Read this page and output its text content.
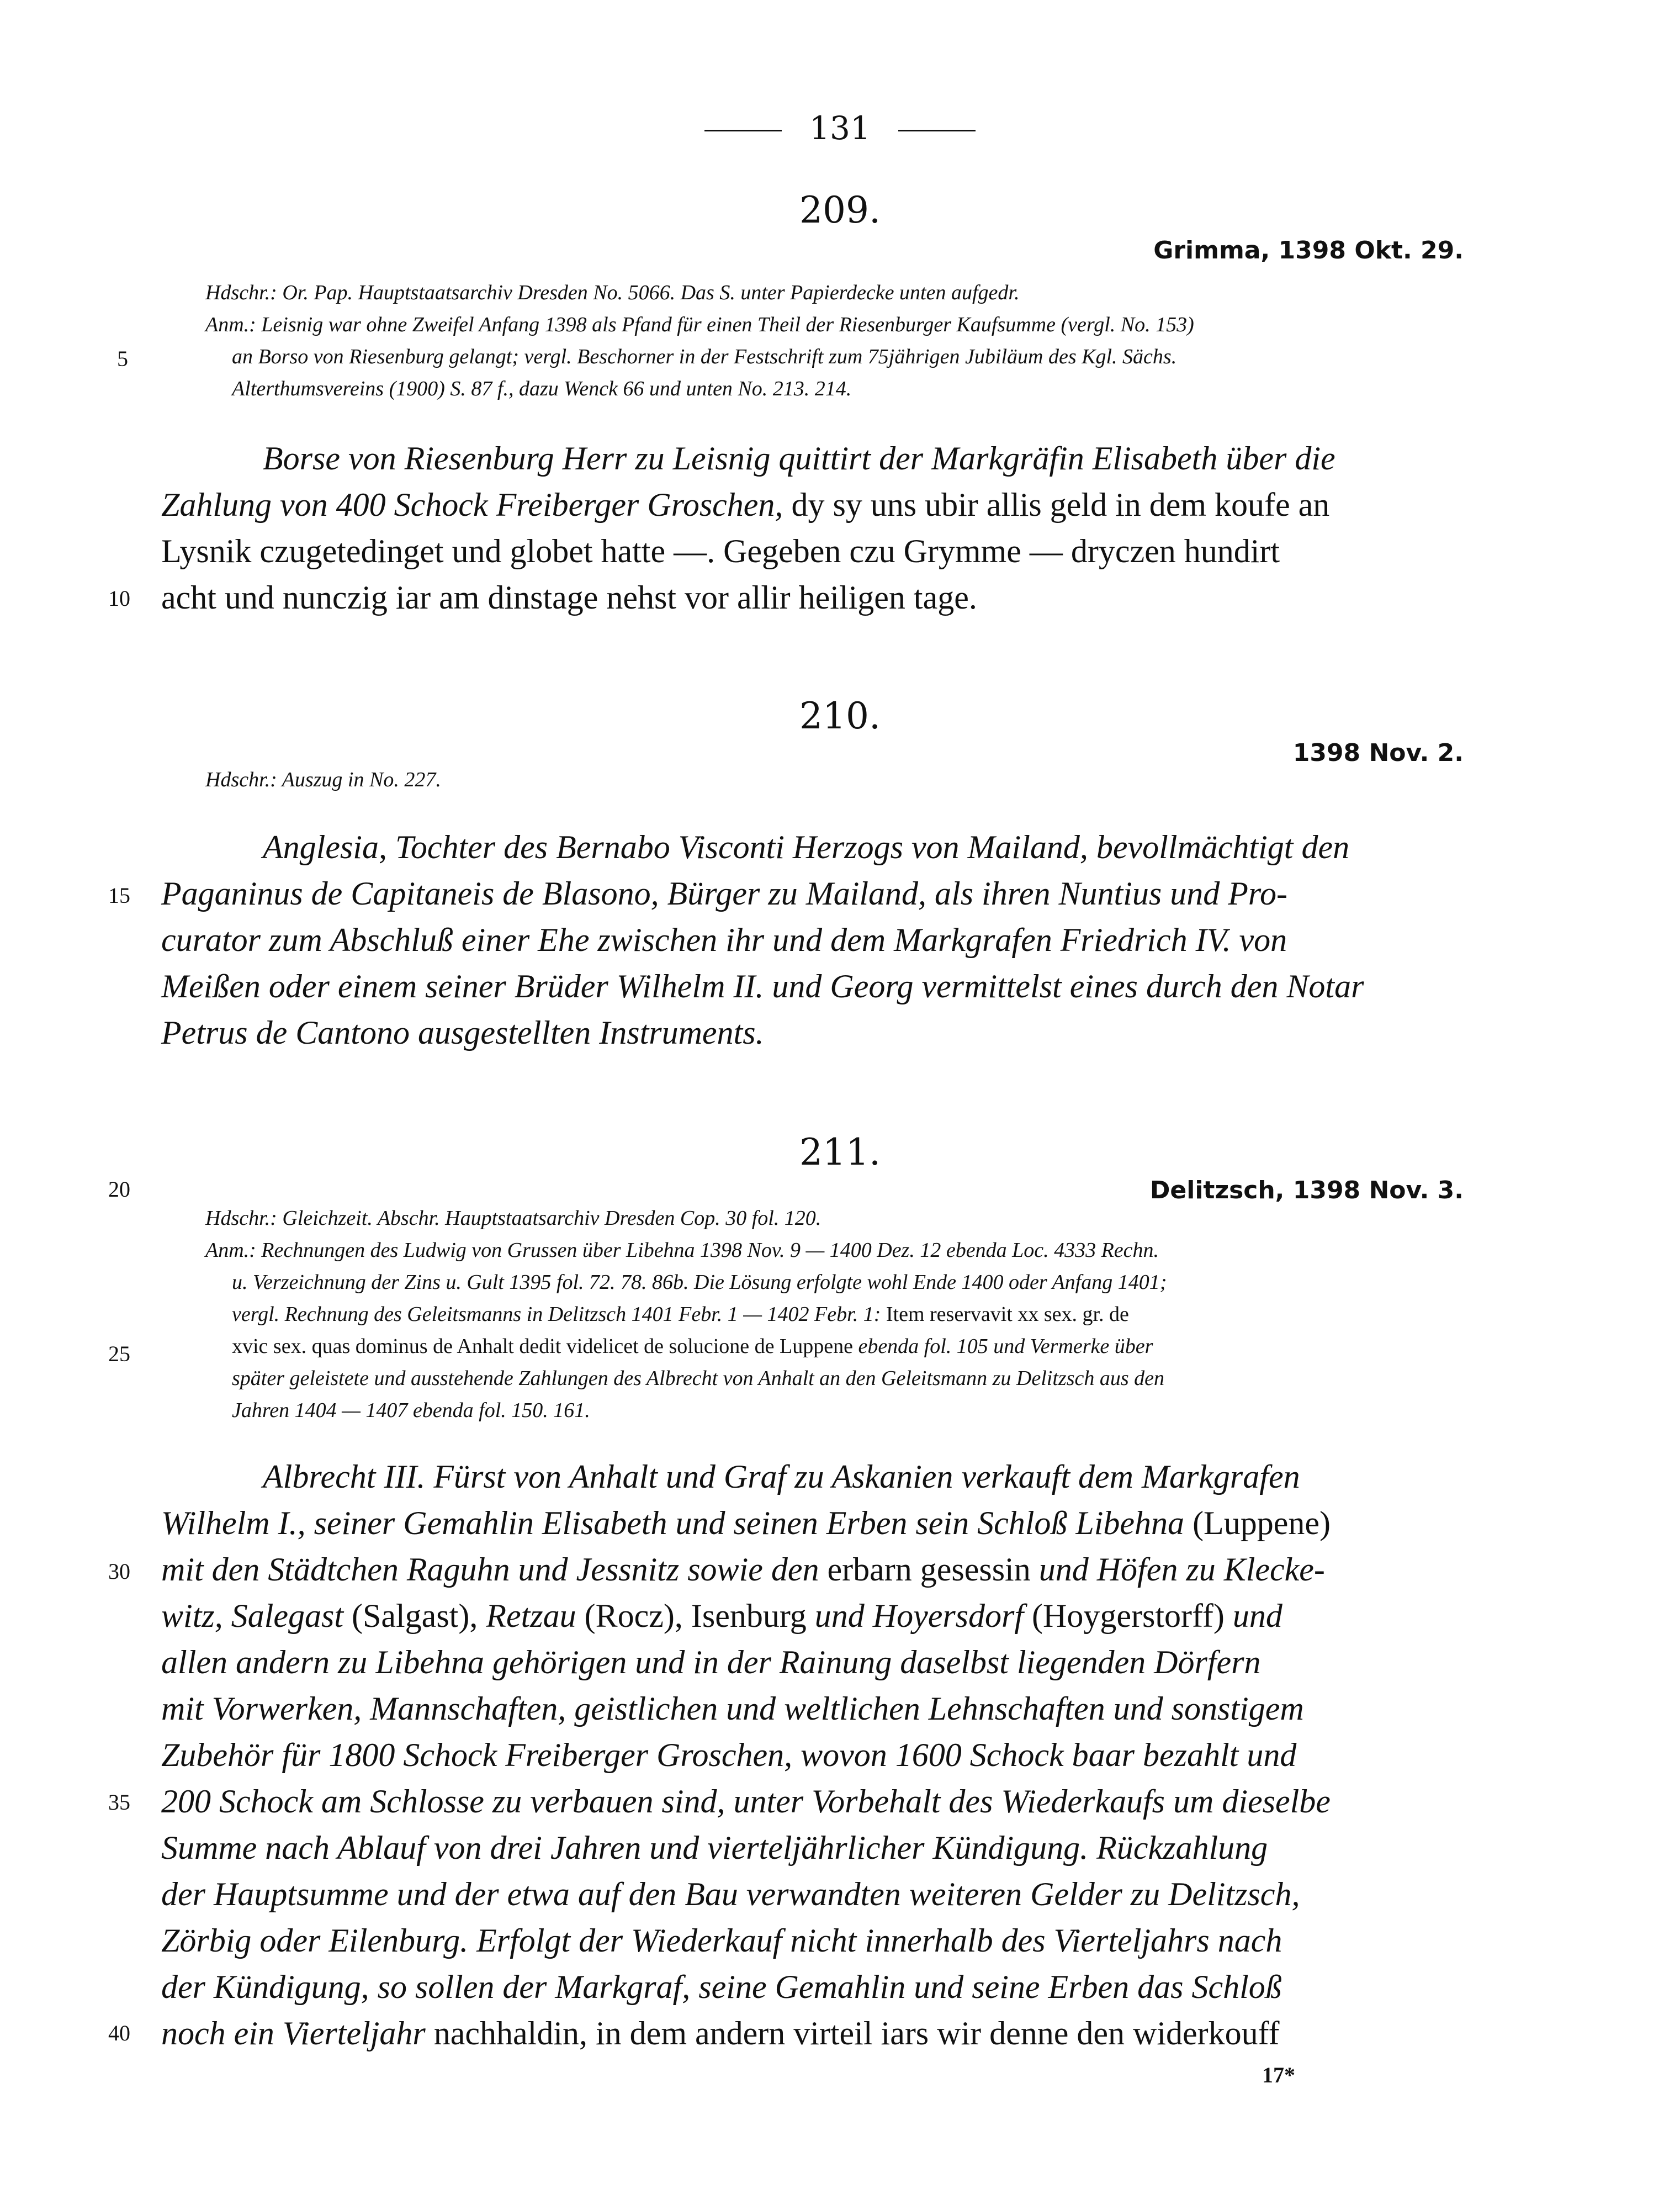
131
209.
Grimma, 1398 Okt. 29.
Hdschr.: Or. Pap. Hauptstaatsarchiv Dresden No. 5066. Das S. unter Papierdecke unten aufgedr.
Anm.: Leisnig war ohne Zweifel Anfang 1398 als Pfand für einen Theil der Riesenburger Kaufsumme (vergl. No. 153)
an Borso von Riesenburg gelangt; vergl. Beschorner in der Festschrift zum 75jährigen Jubiläum des Kgl. Sächs.
Alterthumsvereins (1900) S. 87 f., dazu Wenck 66 und unten No. 213. 214.
Borse von Riesenburg Herr zu Leisnig quittirt der Markgräfin Elisabeth über die
Zahlung von 400 Schock Freiberger Groschen, dy sy uns ubir allis geld in dem koufe an
Lysnik czugetedinget und globet hatte —. Gegeben czu Grymme — dryczen hundirt
acht und nunczig iar am dinstage nehst vor allir heiligen tage.
210.
1398 Nov. 2.
Hdschr.: Auszug in No. 227.
Anglesia, Tochter des Bernabo Visconti Herzogs von Mailand, bevollmächtigt den
Paganinus de Capitaneis de Blasono, Bürger zu Mailand, als ihren Nuntius und Pro-
curator zum Abschluß einer Ehe zwischen ihr und dem Markgrafen Friedrich IV. von
Meißen oder einem seiner Brüder Wilhelm II. und Georg vermittelst eines durch den Notar
Petrus de Cantono ausgestellten Instruments.
211.
Delitzsch, 1398 Nov. 3.
Hdschr.: Gleichzeit. Abschr. Hauptstaatsarchiv Dresden Cop. 30 fol. 120.
Anm.: Rechnungen des Ludwig von Grussen über Libehna 1398 Nov. 9 — 1400 Dez. 12 ebenda Loc. 4333 Rechn.
u. Verzeichnung der Zins u. Gult 1395 fol. 72. 78. 86b. Die Lösung erfolgte wohl Ende 1400 oder Anfang 1401;
vergl. Rechnung des Geleitsmanns in Delitzsch 1401 Febr. 1 — 1402 Febr. 1: Item reservavit xx sex. gr. de
xvic sex. quas dominus de Anhalt dedit videlicet de solucione de Luppene ebenda fol. 105 und Vermerke über
später geleistete und ausstehende Zahlungen des Albrecht von Anhalt an den Geleitsmann zu Delitzsch aus den
Jahren 1404 — 1407 ebenda fol. 150. 161.
Albrecht III. Fürst von Anhalt und Graf zu Askanien verkauft dem Markgrafen
Wilhelm I., seiner Gemahlin Elisabeth und seinen Erben sein Schloß Libehna (Luppene)
mit den Städtchen Raguhn und Jessnitz sowie den erbarn gesessin und Höfen zu Klecke-
witz, Salegast (Salgast), Retzau (Rocz), Isenburg und Hoyersdorf (Hoygerstorff) und
allen andern zu Libehna gehörigen und in der Rainung daselbst liegenden Dörfern
mit Vorwerken, Mannschaften, geistlichen und weltlichen Lehnschaften und sonstigem
Zubehör für 1800 Schock Freiberger Groschen, wovon 1600 Schock baar bezahlt und
200 Schock am Schlosse zu verbauen sind, unter Vorbehalt des Wiederkaufs um dieselbe
Summe nach Ablauf von drei Jahren und vierteljährlicher Kündigung. Rückzahlung
der Hauptsumme und der etwa auf den Bau verwandten weiteren Gelder zu Delitzsch,
Zörbig oder Eilenburg. Erfolgt der Wiederkauf nicht innerhalb des Vierteljahrs nach
der Kündigung, so sollen der Markgraf, seine Gemahlin und seine Erben das Schloß
noch ein Vierteljahr nachhaldin, in dem andern virteil iars wir denne den widerkouff
17*
5
10
15
20
25
30
35
40
